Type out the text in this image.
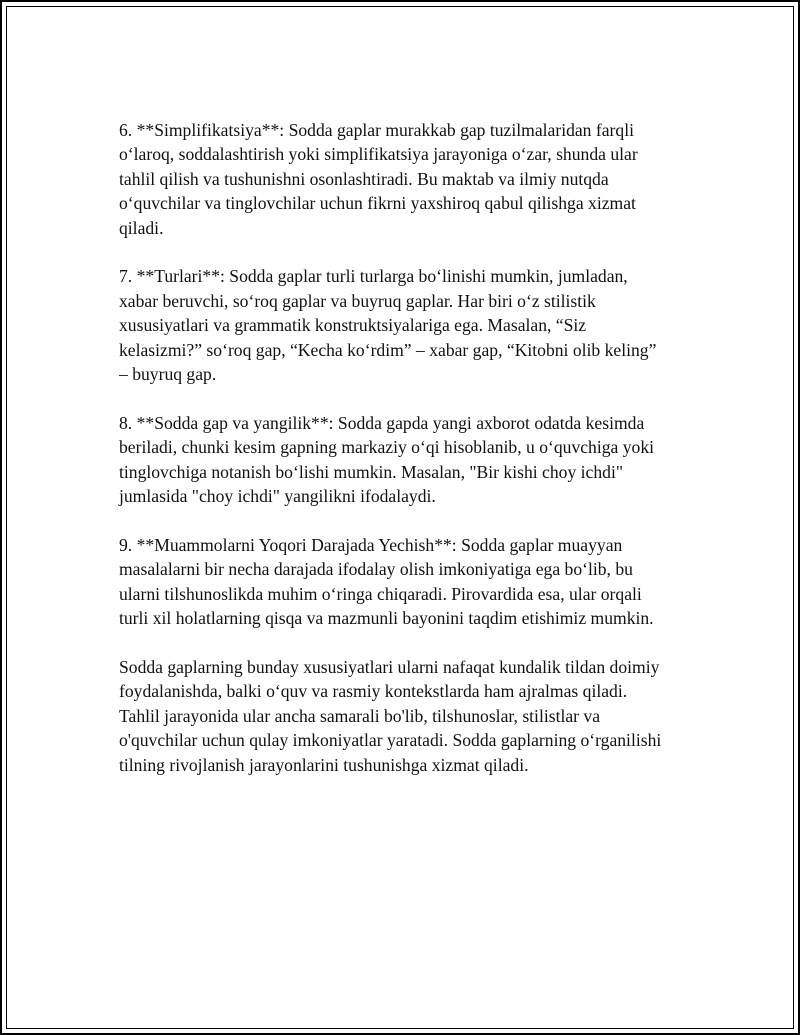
6. **Simplifikatsiya**: Sodda gaplar murakkab gap tuzilmalaridan farqli
o‘laroq, soddalashtirish yoki simplifikatsiya jarayoniga o‘zar, shunda ular
tahlil qilish va tushunishni osonlashtiradi. Bu maktab va ilmiy nutqda
o‘quvchilar va tinglovchilar uchun fikrni yaxshiroq qabul qilishga xizmat
qiladi.

7. **Turlari**: Sodda gaplar turli turlarga bo‘linishi mumkin, jumladan,
xabar beruvchi, so‘roq gaplar va buyruq gaplar. Har biri o‘z stilistik
xususiyatlari va grammatik konstruktsiyalariga ega. Masalan, “Siz
kelasizmi?” so‘roq gap, “Kecha ko‘rdim” – xabar gap, “Kitobni olib keling”
– buyruq gap.

8. **Sodda gap va yangilik**: Sodda gapda yangi axborot odatda kesimda
beriladi, chunki kesim gapning markaziy o‘qi hisoblanib, u o‘quvchiga yoki
tinglovchiga notanish bo‘lishi mumkin. Masalan, "Bir kishi choy ichdi"
jumlasida "choy ichdi" yangilikni ifodalaydi.

9. **Muammolarni Yoqori Darajada Yechish**: Sodda gaplar muayyan
masalalarni bir necha darajada ifodalay olish imkoniyatiga ega bo‘lib, bu
ularni tilshunoslikda muhim o‘ringa chiqaradi. Pirovardida esa, ular orqali
turli xil holatlarning qisqa va mazmunli bayonini taqdim etishimiz mumkin.

Sodda gaplarning bunday xususiyatlari ularni nafaqat kundalik tildan doimiy
foydalanishda, balki o‘quv va rasmiy kontekstlarda ham ajralmas qiladi.
Tahlil jarayonida ular ancha samarali bo'lib, tilshunoslar, stilistlar va
o'quvchilar uchun qulay imkoniyatlar yaratadi. Sodda gaplarning o‘rganilishi
tilning rivojlanish jarayonlarini tushunishga xizmat qiladi.
